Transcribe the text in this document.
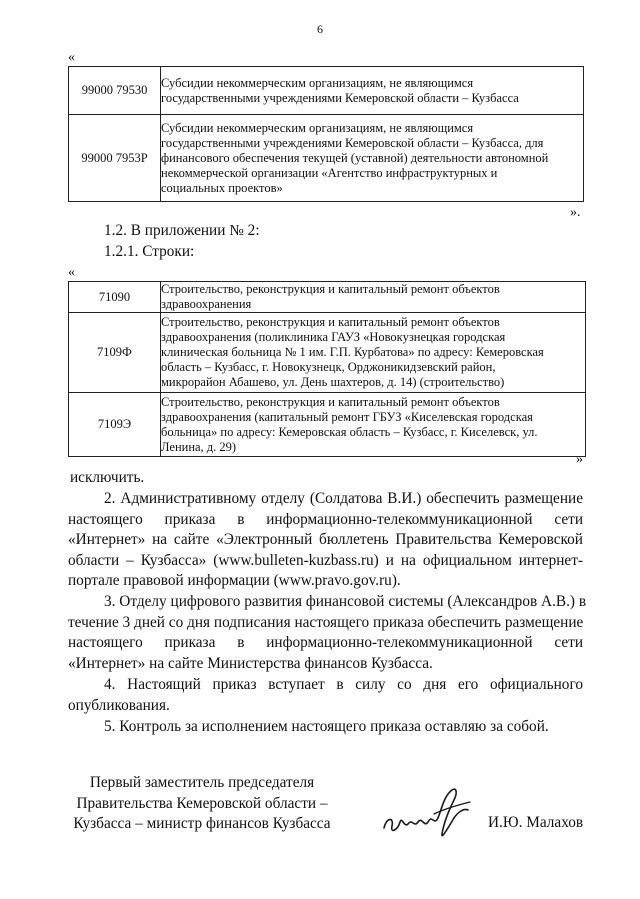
6
«
99000 79530	Субсидии некоммерческим организациям, не являющимся
государственными учреждениями Кемеровской области – Кузбасса

99000 7953Р	Субсидии некоммерческим организациям, не являющимся
государственными учреждениями Кемеровской области – Кузбасса, для
финансового обеспечения текущей (уставной) деятельности автономной
некоммерческой организации «Агентство инфраструктурных и
социальных проектов»
».
1.2. В приложении № 2:
1.2.1. Строки:
«
71090	Строительство, реконструкция и капитальный ремонт объектов
здравоохранения

7109Ф	Строительство, реконструкция и капитальный ремонт объектов
здравоохранения (поликлиника ГАУЗ «Новокузнецкая городская
клиническая больница № 1 им. Г.П. Курбатова» по адресу: Кемеровская
область – Кузбасс, г. Новокузнецк, Орджоникидзевский район,
микрорайон Абашево, ул. День шахтеров, д. 14) (строительство)

7109Э	Строительство, реконструкция и капитальный ремонт объектов
здравоохранения (капитальный ремонт ГБУЗ «Киселевская городская
больница» по адресу: Кемеровская область – Кузбасс, г. Киселевск, ул.
Ленина, д. 29)
»
исключить.
2. Административному отделу (Солдатова В.И.) обеспечить размещение
настоящего приказа в информационно-телекоммуникационной сети
«Интернет» на сайте «Электронный бюллетень Правительства Кемеровской
области – Кузбасса» (www.bulleten-kuzbass.ru) и на официальном интернет-
портале правовой информации (www.pravo.gov.ru).
3. Отделу цифрового развития финансовой системы (Александров А.В.) в
течение 3 дней со дня подписания настоящего приказа обеспечить размещение
настоящего приказа в информационно-телекоммуникационной сети
«Интернет» на сайте Министерства финансов Кузбасса.
4. Настоящий приказ вступает в силу со дня его официального
опубликования.
5. Контроль за исполнением настоящего приказа оставляю за собой.
Первый заместитель председателя
Правительства Кемеровской области –
Кузбасса – министр финансов Кузбасса	И.Ю. Малахов
